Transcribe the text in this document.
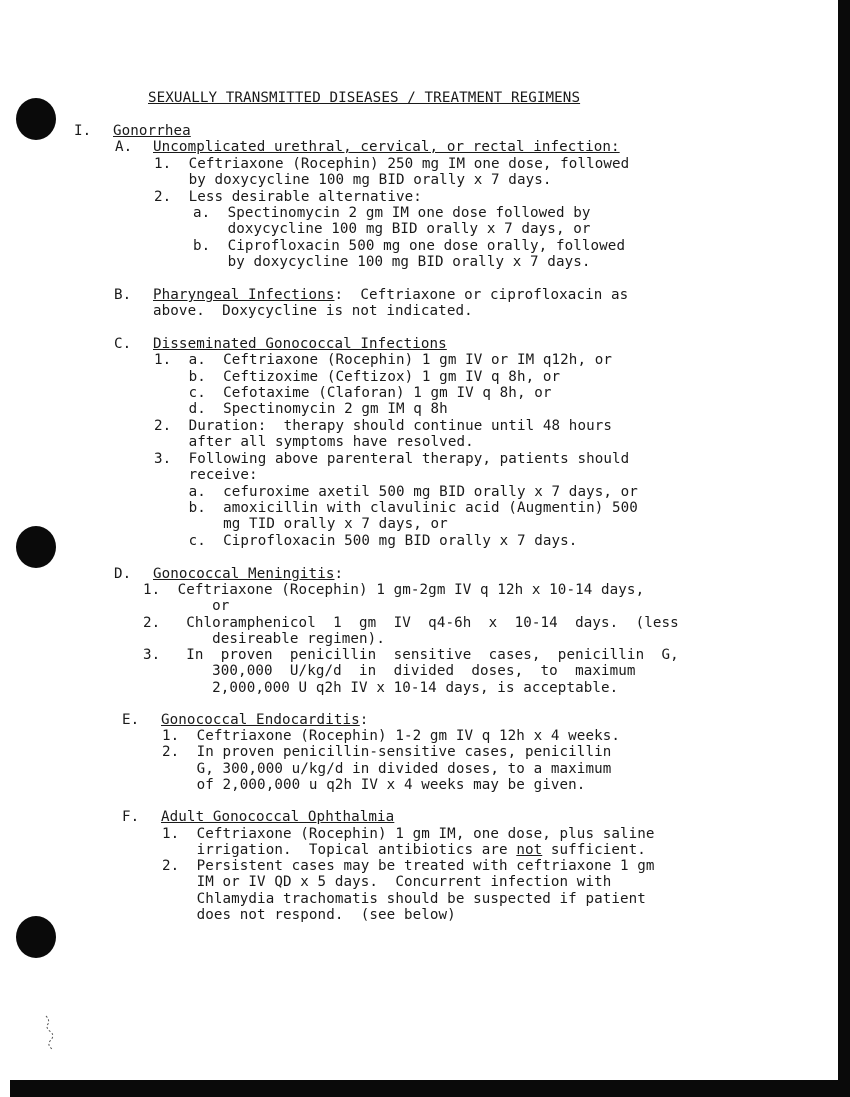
SEXUALLY TRANSMITTED DISEASES / TREATMENT REGIMENS
I. Gonorrhea
A. Uncomplicated urethral, cervical, or rectal infection:
1.  Ceftriaxone (Rocephin) 250 mg IM one dose, followed
by doxycycline 100 mg BID orally x 7 days.
2.  Less desirable alternative:
a.  Spectinomycin 2 gm IM one dose followed by
doxycycline 100 mg BID orally x 7 days, or
b.  Ciprofloxacin 500 mg one dose orally, followed
by doxycycline 100 mg BID orally x 7 days.
B. Pharyngeal Infections:  Ceftriaxone or ciprofloxacin as
above.  Doxycycline is not indicated.
C. Disseminated Gonococcal Infections
1.  a.  Ceftriaxone (Rocephin) 1 gm IV or IM q12h, or
b.  Ceftizoxime (Ceftizox) 1 gm IV q 8h, or
c.  Cefotaxime (Claforan) 1 gm IV q 8h, or
d.  Spectinomycin 2 gm IM q 8h
2.  Duration:  therapy should continue until 48 hours
after all symptoms have resolved.
3.  Following above parenteral therapy, patients should
receive:
a.  cefuroxime axetil 500 mg BID orally x 7 days, or
b.  amoxicillin with clavulinic acid (Augmentin) 500
mg TID orally x 7 days, or
c.  Ciprofloxacin 500 mg BID orally x 7 days.
D. Gonococcal Meningitis:
1.  Ceftriaxone (Rocephin) 1 gm-2gm IV q 12h x 10-14 days,
or
2.   Chloramphenicol  1  gm  IV  q4-6h  x  10-14  days.  (less
desireable regimen).
3.   In  proven  penicillin  sensitive  cases,  penicillin  G,
300,000  U/kg/d  in  divided  doses,  to  maximum
2,000,000 U q2h IV x 10-14 days, is acceptable.
E. Gonococcal Endocarditis:
1.  Ceftriaxone (Rocephin) 1-2 gm IV q 12h x 4 weeks.
2.  In proven penicillin-sensitive cases, penicillin
G, 300,000 u/kg/d in divided doses, to a maximum
of 2,000,000 u q2h IV x 4 weeks may be given.
F. Adult Gonococcal Ophthalmia
1.  Ceftriaxone (Rocephin) 1 gm IM, one dose, plus saline
irrigation.  Topical antibiotics are not sufficient.
2.  Persistent cases may be treated with ceftriaxone 1 gm
IM or IV QD x 5 days.  Concurrent infection with
Chlamydia trachomatis should be suspected if patient
does not respond.  (see below)
